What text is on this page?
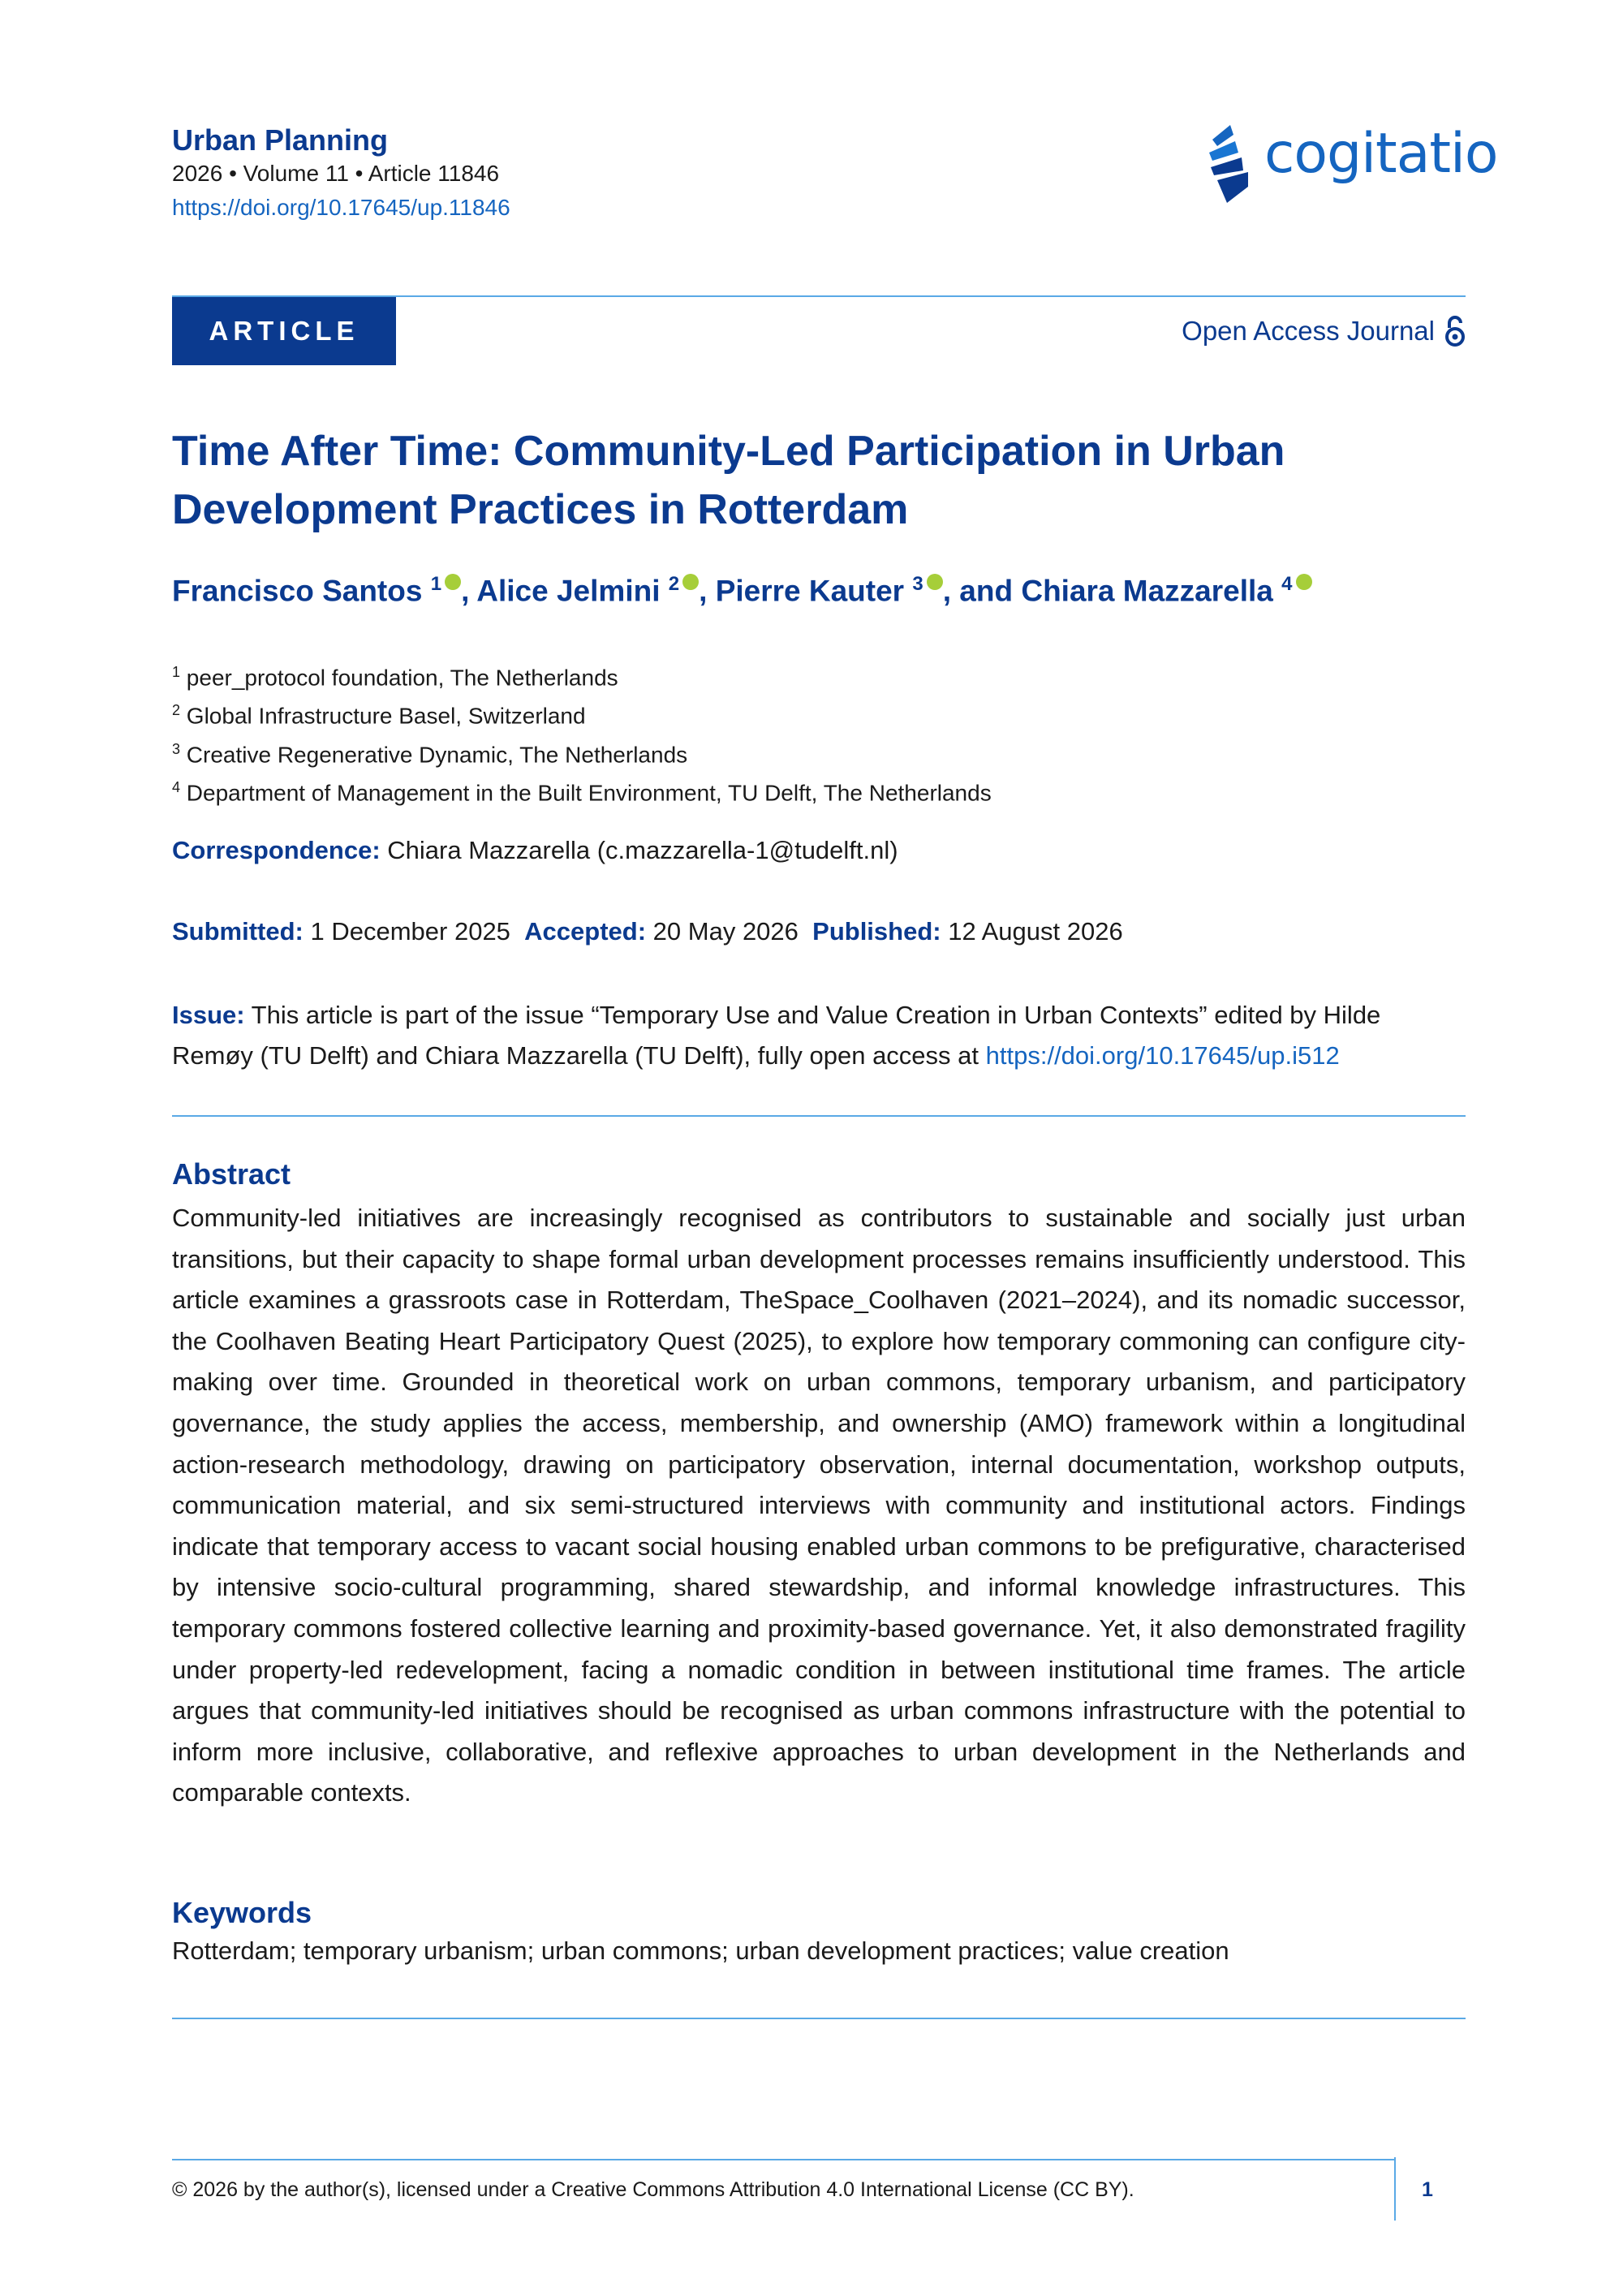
Urban Planning
2026 • Volume 11 • Article 11846
https://doi.org/10.17645/up.11846
cogitatio
ARTICLE	Open Access Journal
Time After Time: Community-Led Participation in Urban Development Practices in Rotterdam
Francisco Santos $^1$ , Alice Jelmini $^2$ , Pierre Kauter $^3$ , and Chiara Mazzarella $^4$
$^1$ peer_protocol foundation, The Netherlands
$^2$ Global Infrastructure Basel, Switzerland
$^3$ Creative Regenerative Dynamic, The Netherlands
$^4$ Department of Management in the Built Environment, TU Delft, The Netherlands
Correspondence: Chiara Mazzarella (c.mazzarella-1@tudelft.nl)
Submitted: 1 December 2025 Accepted: 20 May 2026 Published: 12 August 2026
Issue: This article is part of the issue “Temporary Use and Value Creation in Urban Contexts” edited by Hilde Remøy (TU Delft) and Chiara Mazzarella (TU Delft), fully open access at https://doi.org/10.17645/up.i512
Abstract
Community-led initiatives are increasingly recognised as contributors to sustainable and socially just urban transitions, but their capacity to shape formal urban development processes remains insufficiently understood. This article examines a grassroots case in Rotterdam, TheSpace_Coolhaven (2021–2024), and its nomadic successor, the Coolhaven Beating Heart Participatory Quest (2025), to explore how temporary commoning can configure city-making over time. Grounded in theoretical work on urban commons, temporary urbanism, and participatory governance, the study applies the access, membership, and ownership (AMO) framework within a longitudinal action-research methodology, drawing on participatory observation, internal documentation, workshop outputs, communication material, and six semi-structured interviews with community and institutional actors. Findings indicate that temporary access to vacant social housing enabled urban commons to be prefigurative, characterised by intensive socio-cultural programming, shared stewardship, and informal knowledge infrastructures. This temporary commons fostered collective learning and proximity-based governance. Yet, it also demonstrated fragility under property-led redevelopment, facing a nomadic condition in between institutional time frames. The article argues that community-led initiatives should be recognised as urban commons infrastructure with the potential to inform more inclusive, collaborative, and reflexive approaches to urban development in the Netherlands and comparable contexts.
Keywords
Rotterdam; temporary urbanism; urban commons; urban development practices; value creation
© 2026 by the author(s), licensed under a Creative Commons Attribution 4.0 International License (CC BY).	1
